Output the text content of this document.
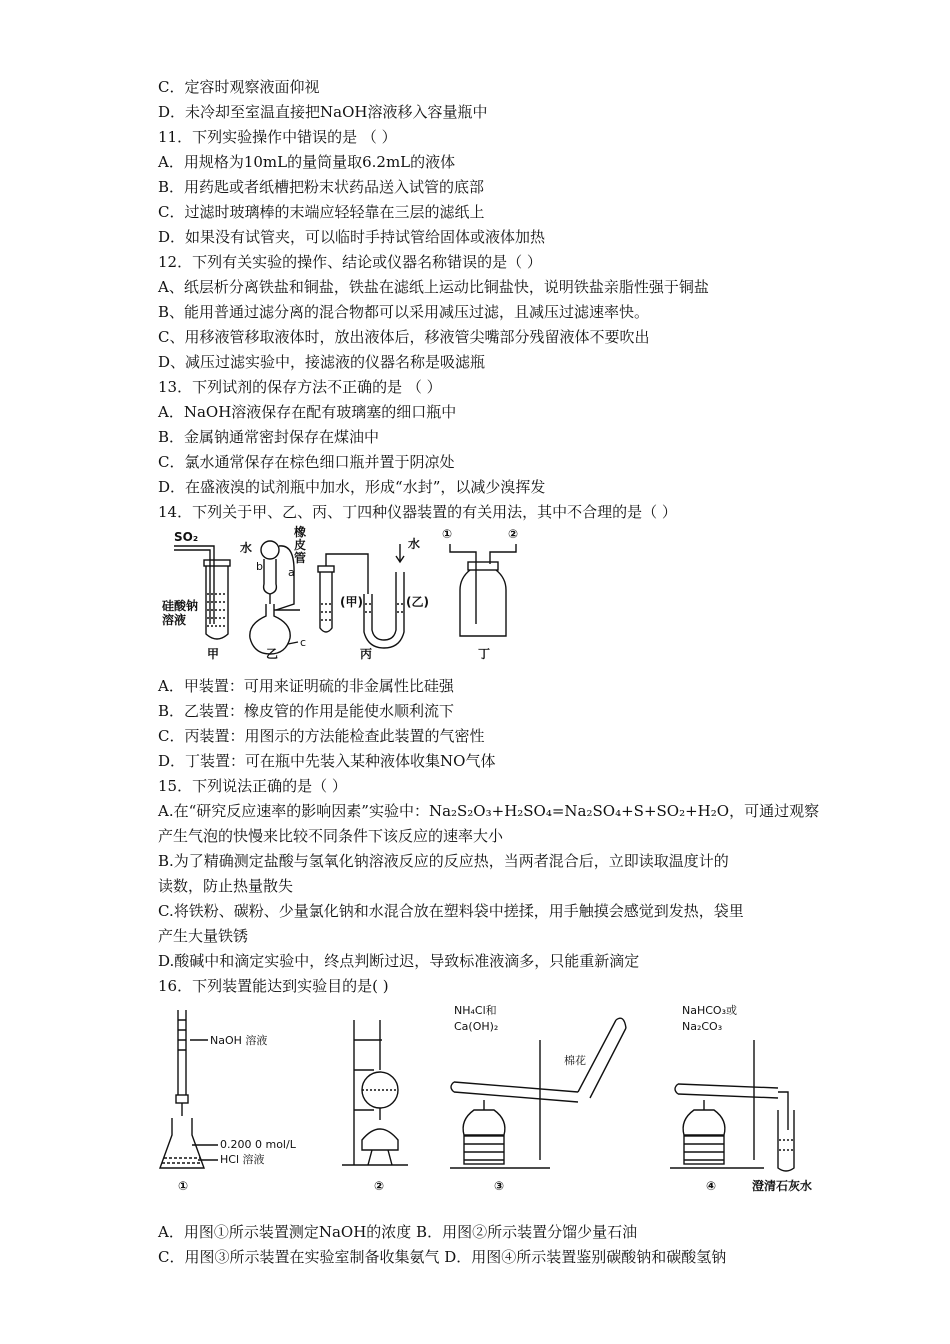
C．定容时观察液面仰视
D．未冷却至室温直接把NaOH溶液移入容量瓶中
11．下列实验操作中错误的是 （ ）
A．用规格为10mL的量筒量取6.2mL的液体
B．用药匙或者纸槽把粉末状药品送入试管的底部
C．过滤时玻璃棒的末端应轻轻靠在三层的滤纸上
D．如果没有试管夹，可以临时手持试管给固体或液体加热
12．下列有关实验的操作、结论或仪器名称错误的是（ ）
A、纸层析分离铁盐和铜盐，铁盐在滤纸上运动比铜盐快，说明铁盐亲脂性强于铜盐
B、能用普通过滤分离的混合物都可以采用减压过滤，且减压过滤速率快。
C、用移液管移取液体时，放出液体后，移液管尖嘴部分残留液体不要吹出
D、减压过滤实验中，接滤液的仪器名称是吸滤瓶
13．下列试剂的保存方法不正确的是 （ ）
A．NaOH溶液保存在配有玻璃塞的细口瓶中
B．金属钠通常密封保存在煤油中
C．氯水通常保存在棕色细口瓶并置于阴凉处
D．在盛液溴的试剂瓶中加水，形成“水封”，以减少溴挥发
14．下列关于甲、乙、丙、丁四种仪器装置的有关用法，其中不合理的是（ ）
SO₂
硅酸钠
溶液
甲
水
橡
皮
管
b a
c
乙
水
(甲)	(乙)
丙
①	②
丁
A．甲装置：可用来证明硫的非金属性比硅强
B．乙装置：橡皮管的作用是能使水顺利流下
C．丙装置：用图示的方法能检查此装置的气密性
D．丁装置：可在瓶中先装入某种液体收集NO气体
15．下列说法正确的是（ ）
A.在“研究反应速率的影响因素”实验中：Na₂S₂O₃+H₂SO₄=Na₂SO₄+S+SO₂+H₂O，可通过观察
产生气泡的快慢来比较不同条件下该反应的速率大小
B.为了精确测定盐酸与氢氧化钠溶液反应的反应热，当两者混合后，立即读取温度计的
读数，防止热量散失
C.将铁粉、碳粉、少量氯化钠和水混合放在塑料袋中搓揉，用手触摸会感觉到发热，袋里
产生大量铁锈
D.酸碱中和滴定实验中，终点判断过迟，导致标准液滴多，只能重新滴定
16．下列装置能达到实验目的是( )
NaOH 溶液
0.200 0 mol/L
HCl 溶液
①	②
NH₄Cl和
Ca(OH)₂
棉花
③
NaHCO₃或
Na₂CO₃
④	澄清石灰水
A．用图①所示装置测定NaOH的浓度 B．用图②所示装置分馏少量石油
C．用图③所示装置在实验室制备收集氨气 D．用图④所示装置鉴别碳酸钠和碳酸氢钠
